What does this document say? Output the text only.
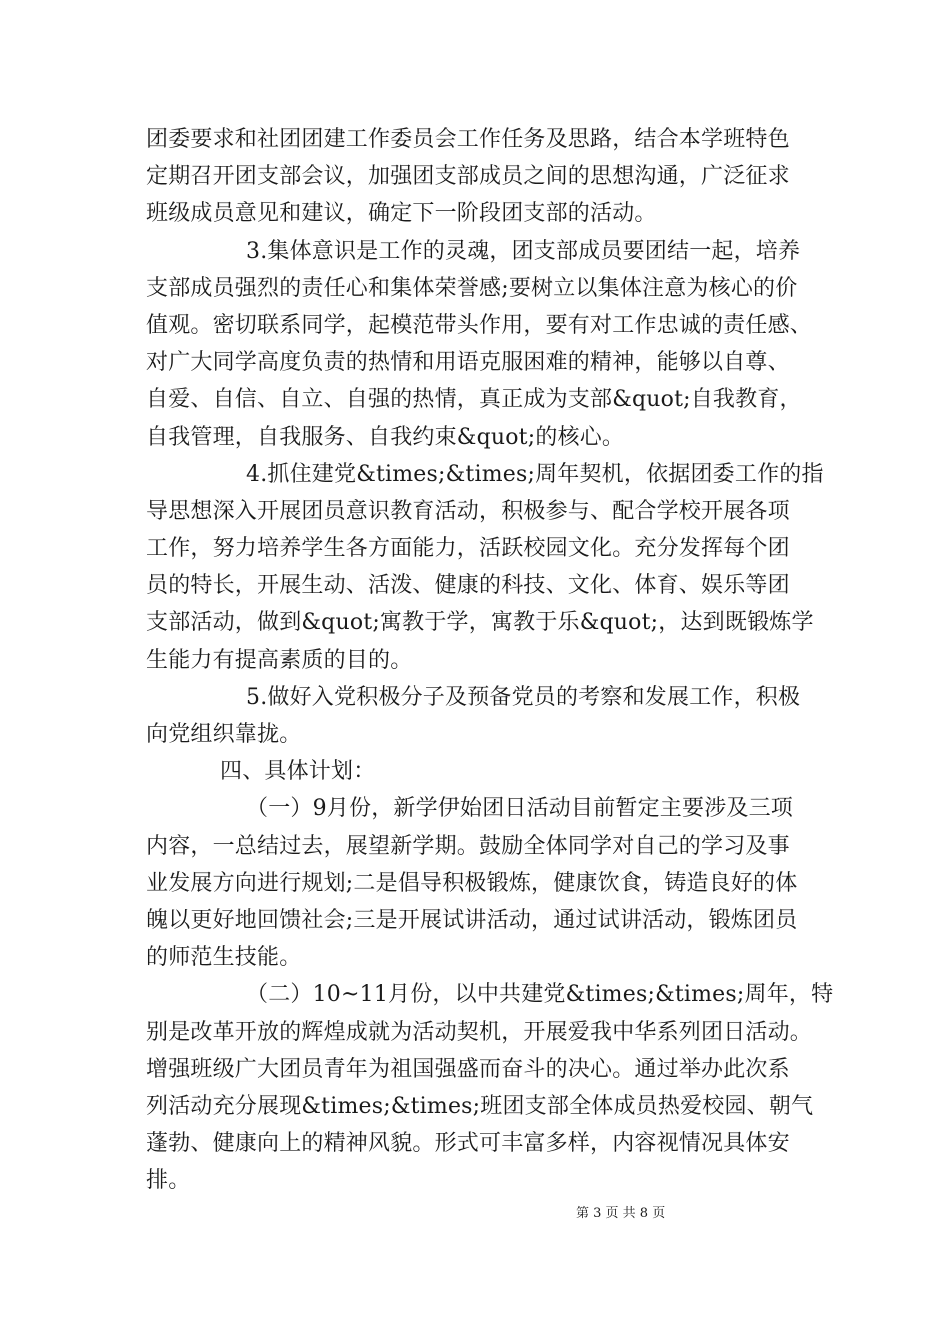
团委要求和社团团建工作委员会工作任务及思路，结合本学班特色
定期召开团支部会议，加强团支部成员之间的思想沟通，广泛征求
班级成员意见和建议，确定下一阶段团支部的活动。
3.集体意识是工作的灵魂，团支部成员要团结一起，培养
支部成员强烈的责任心和集体荣誉感;要树立以集体注意为核心的价
值观。密切联系同学，起模范带头作用，要有对工作忠诚的责任感、
对广大同学高度负责的热情和用语克服困难的精神，能够以自尊、
自爱、自信、自立、自强的热情，真正成为支部&quot;自我教育，
自我管理，自我服务、自我约束&quot;的核心。
4.抓住建党&times;&times;周年契机，依据团委工作的指
导思想深入开展团员意识教育活动，积极参与、配合学校开展各项
工作，努力培养学生各方面能力，活跃校园文化。充分发挥每个团
员的特长，开展生动、活泼、健康的科技、文化、体育、娱乐等团
支部活动，做到&quot;寓教于学，寓教于乐&quot;，达到既锻炼学
生能力有提高素质的目的。
5.做好入党积极分子及预备党员的考察和发展工作，积极
向党组织靠拢。
四、具体计划：
（一）9月份，新学伊始团日活动目前暂定主要涉及三项
内容，一总结过去，展望新学期。鼓励全体同学对自己的学习及事
业发展方向进行规划;二是倡导积极锻炼，健康饮食，铸造良好的体
魄以更好地回馈社会;三是开展试讲活动，通过试讲活动，锻炼团员
的师范生技能。
（二）10~11月份，以中共建党&times;&times;周年，特
别是改革开放的辉煌成就为活动契机，开展爱我中华系列团日活动。
增强班级广大团员青年为祖国强盛而奋斗的决心。通过举办此次系
列活动充分展现&times;&times;班团支部全体成员热爱校园、朝气
蓬勃、健康向上的精神风貌。形式可丰富多样，内容视情况具体安
排。
第 3 页 共 8 页
